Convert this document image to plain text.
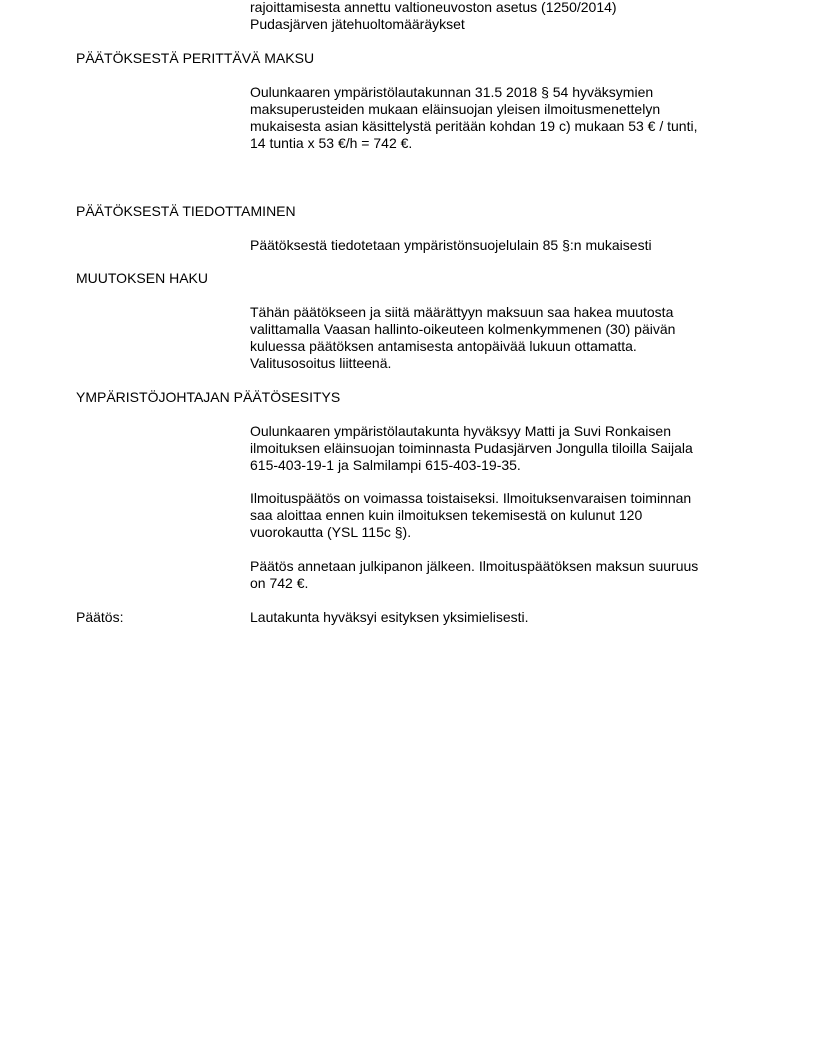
rajoittamisesta annettu valtioneuvoston asetus (1250/2014)
Pudasjärven jätehuoltomääräykset
PÄÄTÖKSESTÄ PERITTÄVÄ MAKSU
Oulunkaaren ympäristölautakunnan 31.5 2018 § 54 hyväksymien
maksuperusteiden mukaan eläinsuojan yleisen ilmoitusmenettelyn
mukaisesta asian käsittelystä peritään kohdan 19 c) mukaan 53 € / tunti,
14 tuntia x 53 €/h = 742 €.
PÄÄTÖKSESTÄ TIEDOTTAMINEN
Päätöksestä tiedotetaan ympäristönsuojelulain 85 §:n mukaisesti
MUUTOKSEN HAKU
Tähän päätökseen ja siitä määrättyyn maksuun saa hakea muutosta
valittamalla Vaasan hallinto-oikeuteen kolmenkymmenen (30) päivän
kuluessa päätöksen antamisesta antopäivää lukuun ottamatta.
Valitusosoitus liitteenä.
YMPÄRISTÖJOHTAJAN PÄÄTÖSESITYS
Oulunkaaren ympäristölautakunta hyväksyy Matti ja Suvi Ronkaisen
ilmoituksen eläinsuojan toiminnasta Pudasjärven Jongulla tiloilla Saijala
615-403-19-1 ja Salmilampi 615-403-19-35.
Ilmoituspäätös on voimassa toistaiseksi. Ilmoituksenvaraisen toiminnan
saa aloittaa ennen kuin ilmoituksen tekemisestä on kulunut 120
vuorokautta (YSL 115c §).
Päätös annetaan julkipanon jälkeen. Ilmoituspäätöksen maksun suuruus
on 742 €.
Päätös:	Lautakunta hyväksyi esityksen yksimielisesti.
